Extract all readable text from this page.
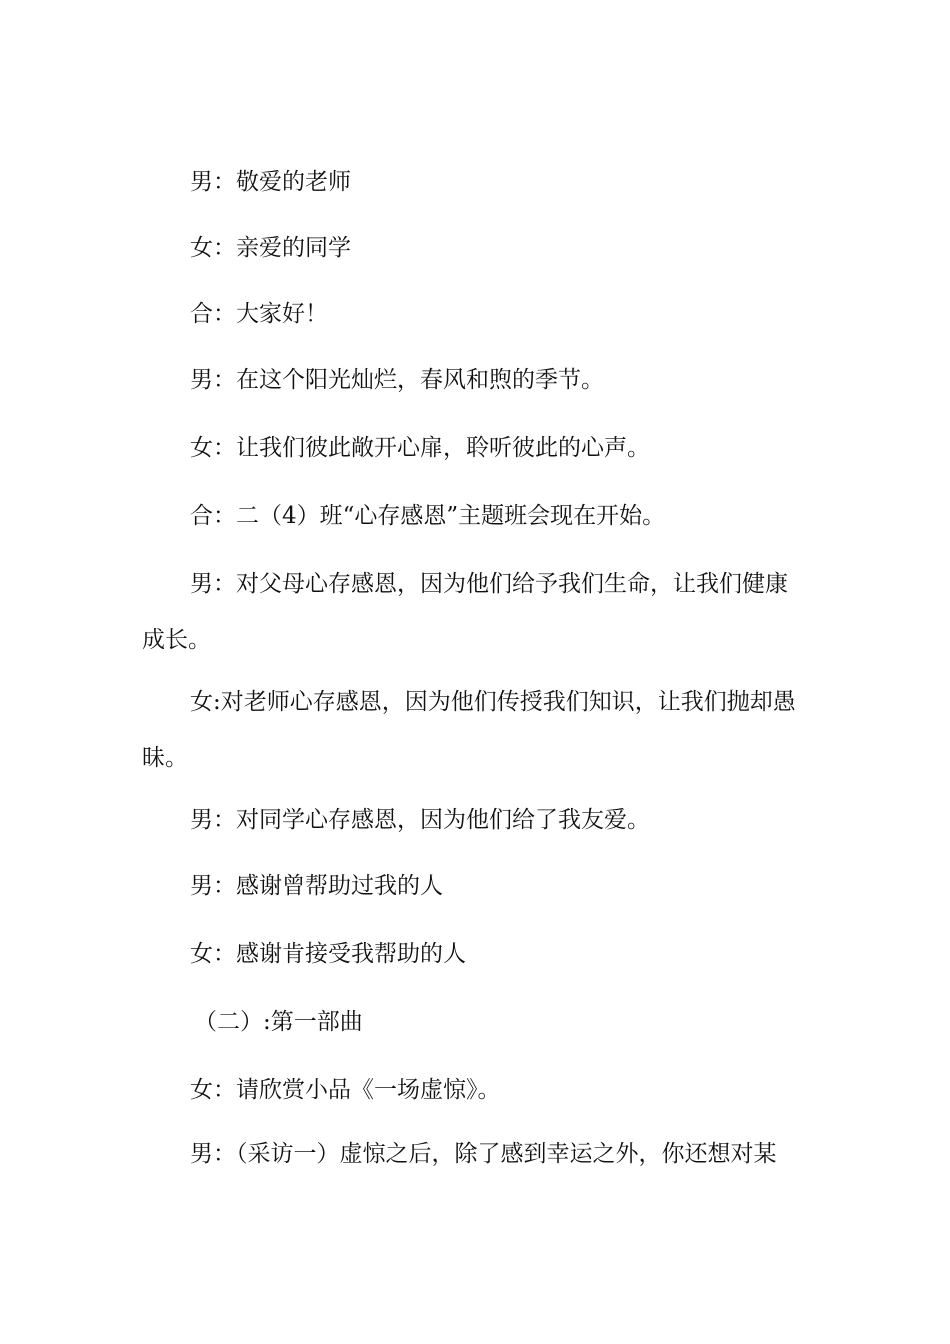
男：敬爱的老师

女：亲爱的同学

合：大家好！

男：在这个阳光灿烂，春风和煦的季节。

女：让我们彼此敞开心扉，聆听彼此的心声。

合：二（4）班“心存感恩”主题班会现在开始。

男：对父母心存感恩，因为他们给予我们生命，让我们健康成长。

女:对老师心存感恩，因为他们传授我们知识，让我们抛却愚昧。

男：对同学心存感恩，因为他们给了我友爱。

男：感谢曾帮助过我的人

女：感谢肯接受我帮助的人

（二）:第一部曲

女：请欣赏小品《一场虚惊》。

男：（采访一）虚惊之后，除了感到幸运之外，你还想对某
